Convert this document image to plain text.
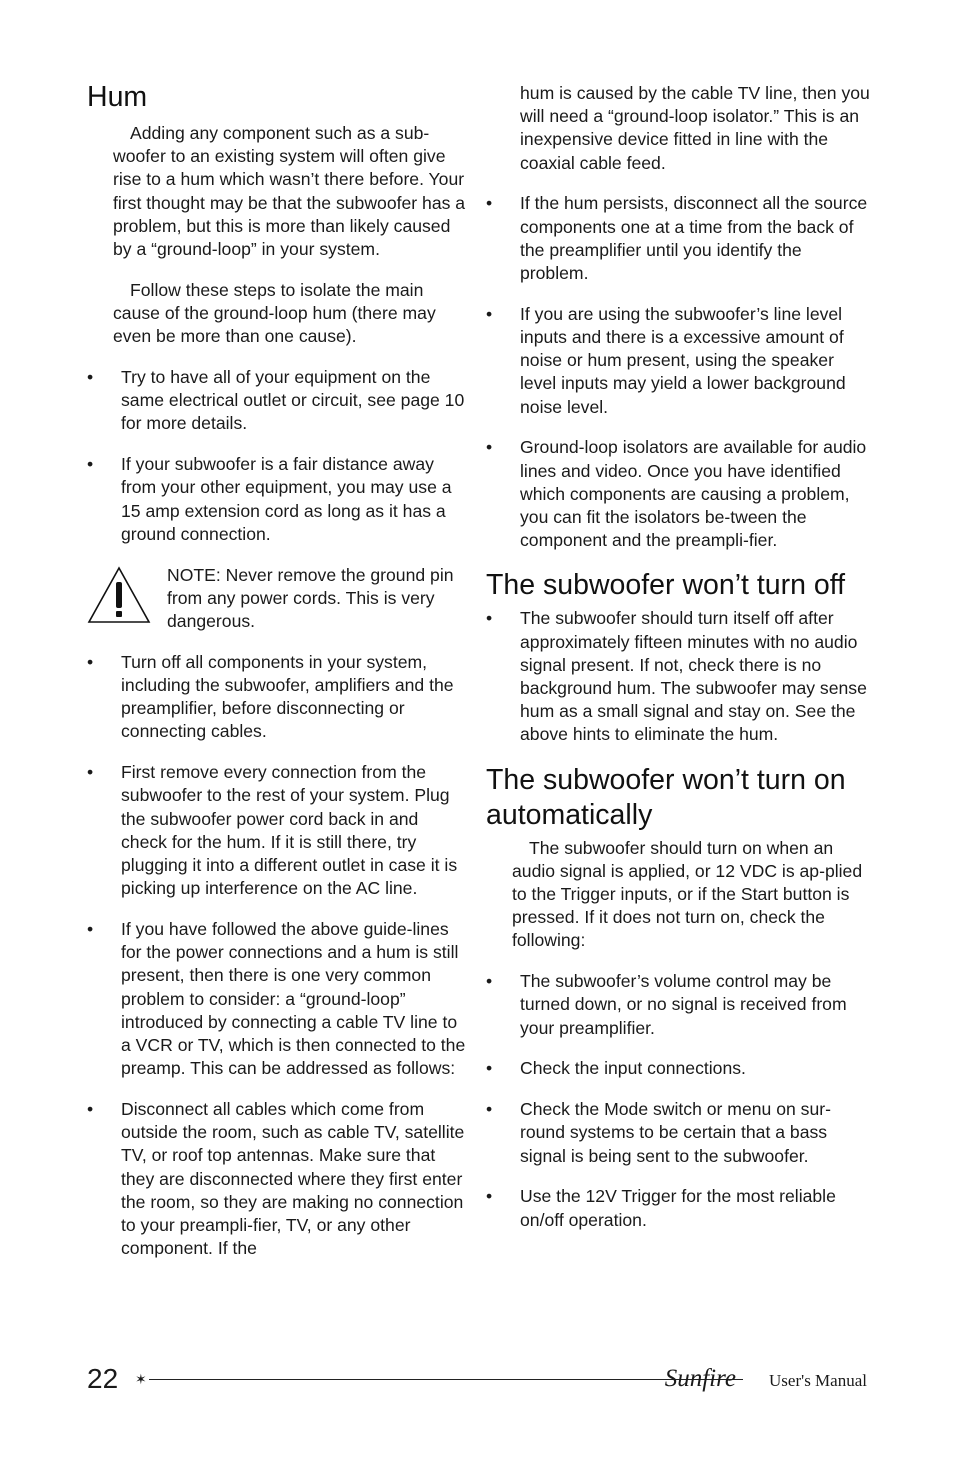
Hum

Adding any component such as a sub-woofer to an existing system will often give rise to a hum which wasn’t there before. Your first thought may be that the subwoofer has a problem, but this is more than likely caused by a “ground-loop” in your system.

Follow these steps to isolate the main cause of the ground-loop hum (there may even be more than one cause).

• Try to have all of your equipment on the same electrical outlet or circuit, see page 10 for more details.
• If your subwoofer is a fair distance away from your other equipment, you may use a 15 amp extension cord as long as it has a ground connection.
NOTE: Never remove the ground pin from any power cords. This is very dangerous.
• Turn off all components in your system, including the subwoofer, amplifiers and the preamplifier, before disconnecting or connecting cables.
• First remove every connection from the subwoofer to the rest of your system. Plug the subwoofer power cord back in and check for the hum. If it is still there, try plugging it into a different outlet in case it is picking up interference on the AC line.
• If you have followed the above guide-lines for the power connections and a hum is still present, then there is one very common problem to consider: a “ground-loop” introduced by connecting a cable TV line to a VCR or TV, which is then connected to the preamp. This can be addressed as follows:
• Disconnect all cables which come from outside the room, such as cable TV, satellite TV, or roof top antennas. Make sure that they are disconnected where they first enter the room, so they are making no connection to your preampli-fier, TV, or any other component. If the

hum is caused by the cable TV line, then you will need a “ground-loop isolator.” This is an inexpensive device fitted in line with the coaxial cable feed.

• If the hum persists, disconnect all the source components one at a time from the back of the preamplifier until you identify the problem.
• If you are using the subwoofer’s line level inputs and there is a excessive amount of noise or hum present, using the speaker level inputs may yield a lower background noise level.
• Ground-loop isolators are available for audio lines and video. Once you have identified which components are causing a problem, you can fit the isolators be-tween the component and the preampli-fier.
The subwoofer won’t turn off
• The subwoofer should turn itself off after approximately fifteen minutes with no audio signal present. If not, check there is no background hum. The subwoofer may sense hum as a small signal and stay on. See the above hints to eliminate the hum.
The subwoofer won’t turn on automatically

The subwoofer should turn on when an audio signal is applied, or 12 VDC is ap-plied to the Trigger inputs, or if the Start button is pressed. If it does not turn on, check the following:

• The subwoofer’s volume control may be turned down, or no signal is received from your preamplifier.
• Check the input connections.
• Check the Mode switch or menu on sur-round systems to be certain that a bass signal is being sent to the subwoofer.
• Use the 12V Trigger for the most reliable on/off operation.
22 ✶	Sunfire User's Manual
